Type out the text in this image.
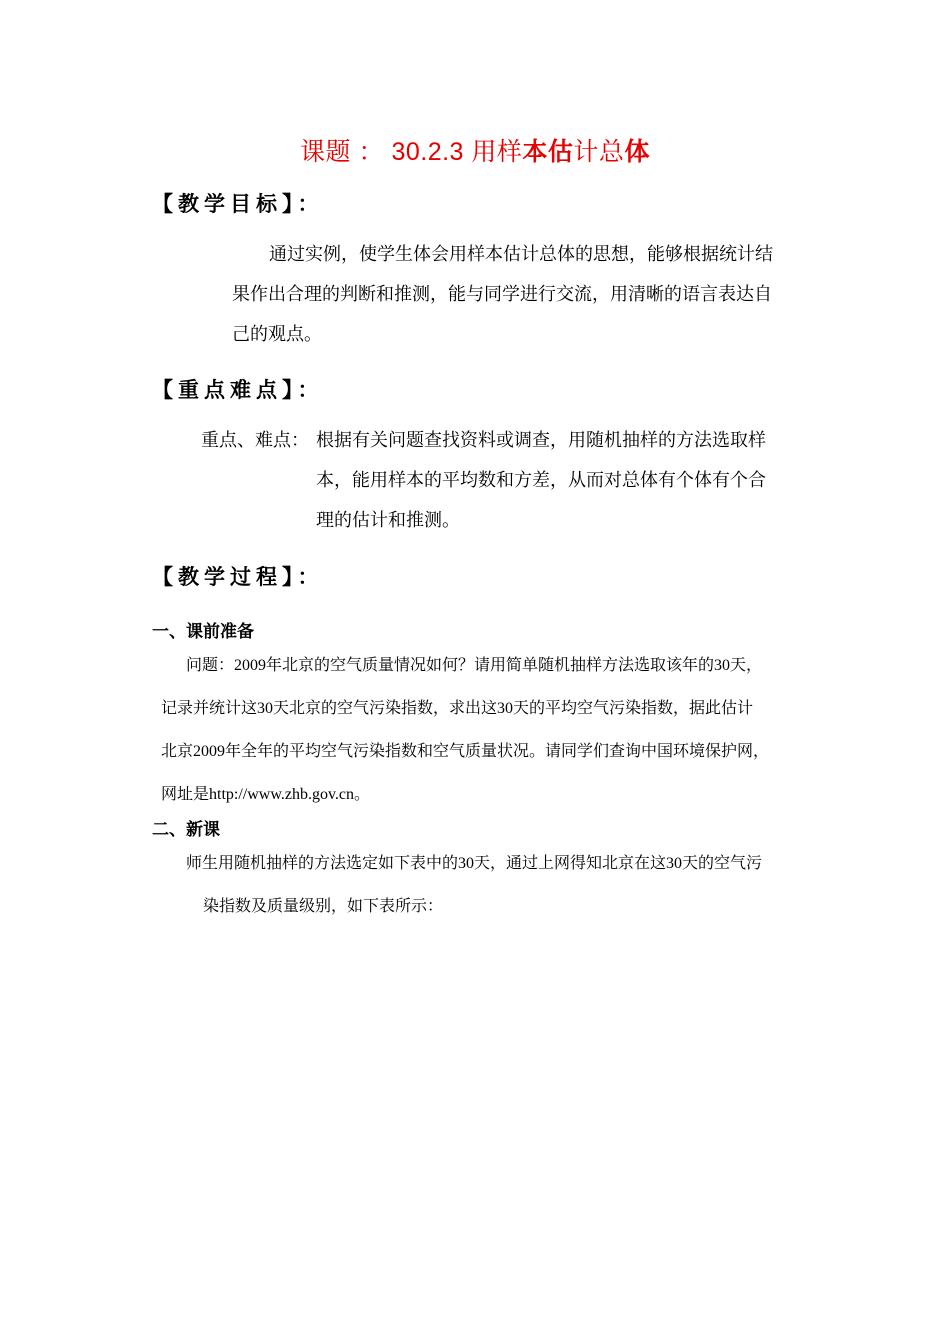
课题 ： 30.2.3 用样本估计总体
【教学目标】：
通过实例，使学生体会用样本估计总体的思想，能够根据统计结
果作出合理的判断和推测，能与同学进行交流，用清晰的语言表达自
己的观点。
【重点难点】：
重点、难点： 根据有关问题查找资料或调查，用随机抽样的方法选取样
本，能用样本的平均数和方差，从而对总体有个体有个合
理的估计和推测。
【教学过程】：
一、课前准备
问题：2009年北京的空气质量情况如何？请用简单随机抽样方法选取该年的30天，
记录并统计这30天北京的空气污染指数，求出这30天的平均空气污染指数，据此估计
北京2009年全年的平均空气污染指数和空气质量状况。请同学们查询中国环境保护网，
网址是http://www.zhb.gov.cn。
二、新课
师生用随机抽样的方法选定如下表中的30天，通过上网得知北京在这30天的空气污
染指数及质量级别，如下表所示：
